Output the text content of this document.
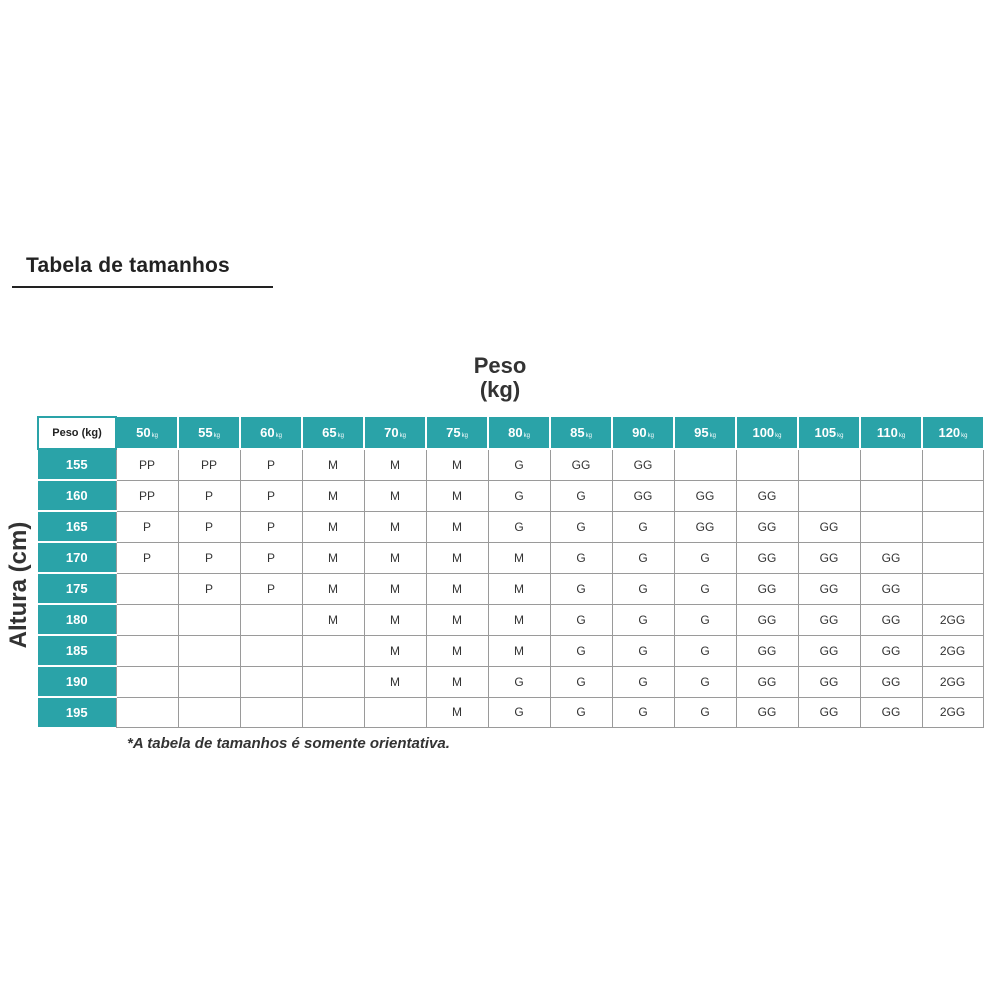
Tabela de tamanhos
Peso
(kg)
Altura (cm)
Peso (kg)	50kg	55kg	60kg	65kg	70kg	75kg	80kg	85kg	90kg	95kg	100kg	105kg	110kg	120kg
155	PP	PP	P	M	M	M	G	GG	GG					
160	PP	P	P	M	M	M	G	G	GG	GG	GG			
165	P	P	P	M	M	M	G	G	G	GG	GG	GG		
170	P	P	P	M	M	M	M	G	G	G	GG	GG	GG	
175		P	P	M	M	M	M	G	G	G	GG	GG	GG	
180				M	M	M	M	G	G	G	GG	GG	GG	2GG
185					M	M	M	G	G	G	GG	GG	GG	2GG
190					M	M	G	G	G	G	GG	GG	GG	2GG
195						M	G	G	G	G	GG	GG	GG	2GG
*A tabela de tamanhos é somente orientativa.
